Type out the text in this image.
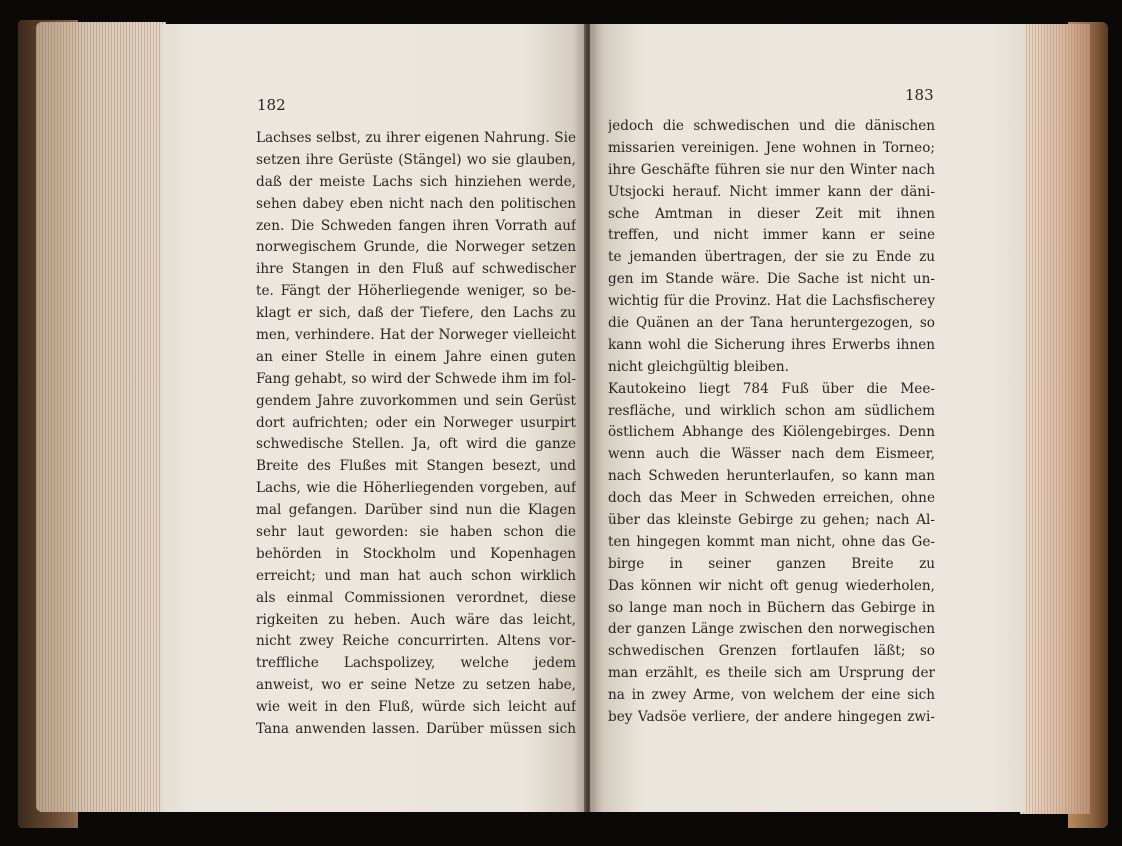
182
Lachses selbst, zu ihrer eigenen Nahrung. Sie
setzen ihre Gerüste (Stängel) wo sie glauben,
daß der meiste Lachs sich hinziehen werde,
sehen dabey eben nicht nach den politischen
zen. Die Schweden fangen ihren Vorrath auf
norwegischem Grunde, die Norweger setzen
ihre Stangen in den Fluß auf schwedischer
te. Fängt der Höherliegende weniger, so be-
klagt er sich, daß der Tiefere, den Lachs zu
men, verhindere. Hat der Norweger vielleicht
an einer Stelle in einem Jahre einen guten
Fang gehabt, so wird der Schwede ihm im fol-
gendem Jahre zuvorkommen und sein Gerüst
dort aufrichten; oder ein Norweger usurpirt
schwedische Stellen. Ja, oft wird die ganze
Breite des Flußes mit Stangen besezt, und
Lachs, wie die Höherliegenden vorgeben, auf
mal gefangen. Darüber sind nun die Klagen
sehr laut geworden: sie haben schon die
behörden in Stockholm und Kopenhagen
erreicht; und man hat auch schon wirklich
als einmal Commissionen verordnet, diese
rigkeiten zu heben. Auch wäre das leicht,
nicht zwey Reiche concurrirten. Altens vor-
treffliche Lachspolizey, welche jedem
anweist, wo er seine Netze zu setzen habe,
wie weit in den Fluß, würde sich leicht auf
Tana anwenden lassen. Darüber müssen sich
183
jedoch die schwedischen und die dänischen
missarien vereinigen. Jene wohnen in Torneo;
ihre Geschäfte führen sie nur den Winter nach
Utsjocki herauf. Nicht immer kann der däni-
sche Amtman in dieser Zeit mit ihnen
treffen, und nicht immer kann er seine
te jemanden übertragen, der sie zu Ende zu
gen im Stande wäre. Die Sache ist nicht un-
wichtig für die Provinz. Hat die Lachsfischerey
die Quänen an der Tana heruntergezogen, so
kann wohl die Sicherung ihres Erwerbs ihnen
nicht gleichgültig bleiben.
Kautokeino liegt 784 Fuß über die Mee-
resfläche, und wirklich schon am südlichem
östlichem Abhange des Kiölengebirges. Denn
wenn auch die Wässer nach dem Eismeer,
nach Schweden herunterlaufen, so kann man
doch das Meer in Schweden erreichen, ohne
über das kleinste Gebirge zu gehen; nach Al-
ten hingegen kommt man nicht, ohne das Ge-
birge in seiner ganzen Breite zu
Das können wir nicht oft genug wiederholen,
so lange man noch in Büchern das Gebirge in
der ganzen Länge zwischen den norwegischen
schwedischen Grenzen fortlaufen läßt; so
man erzählt, es theile sich am Ursprung der
na in zwey Arme, von welchem der eine sich
bey Vadsöe verliere, der andere hingegen zwi-
